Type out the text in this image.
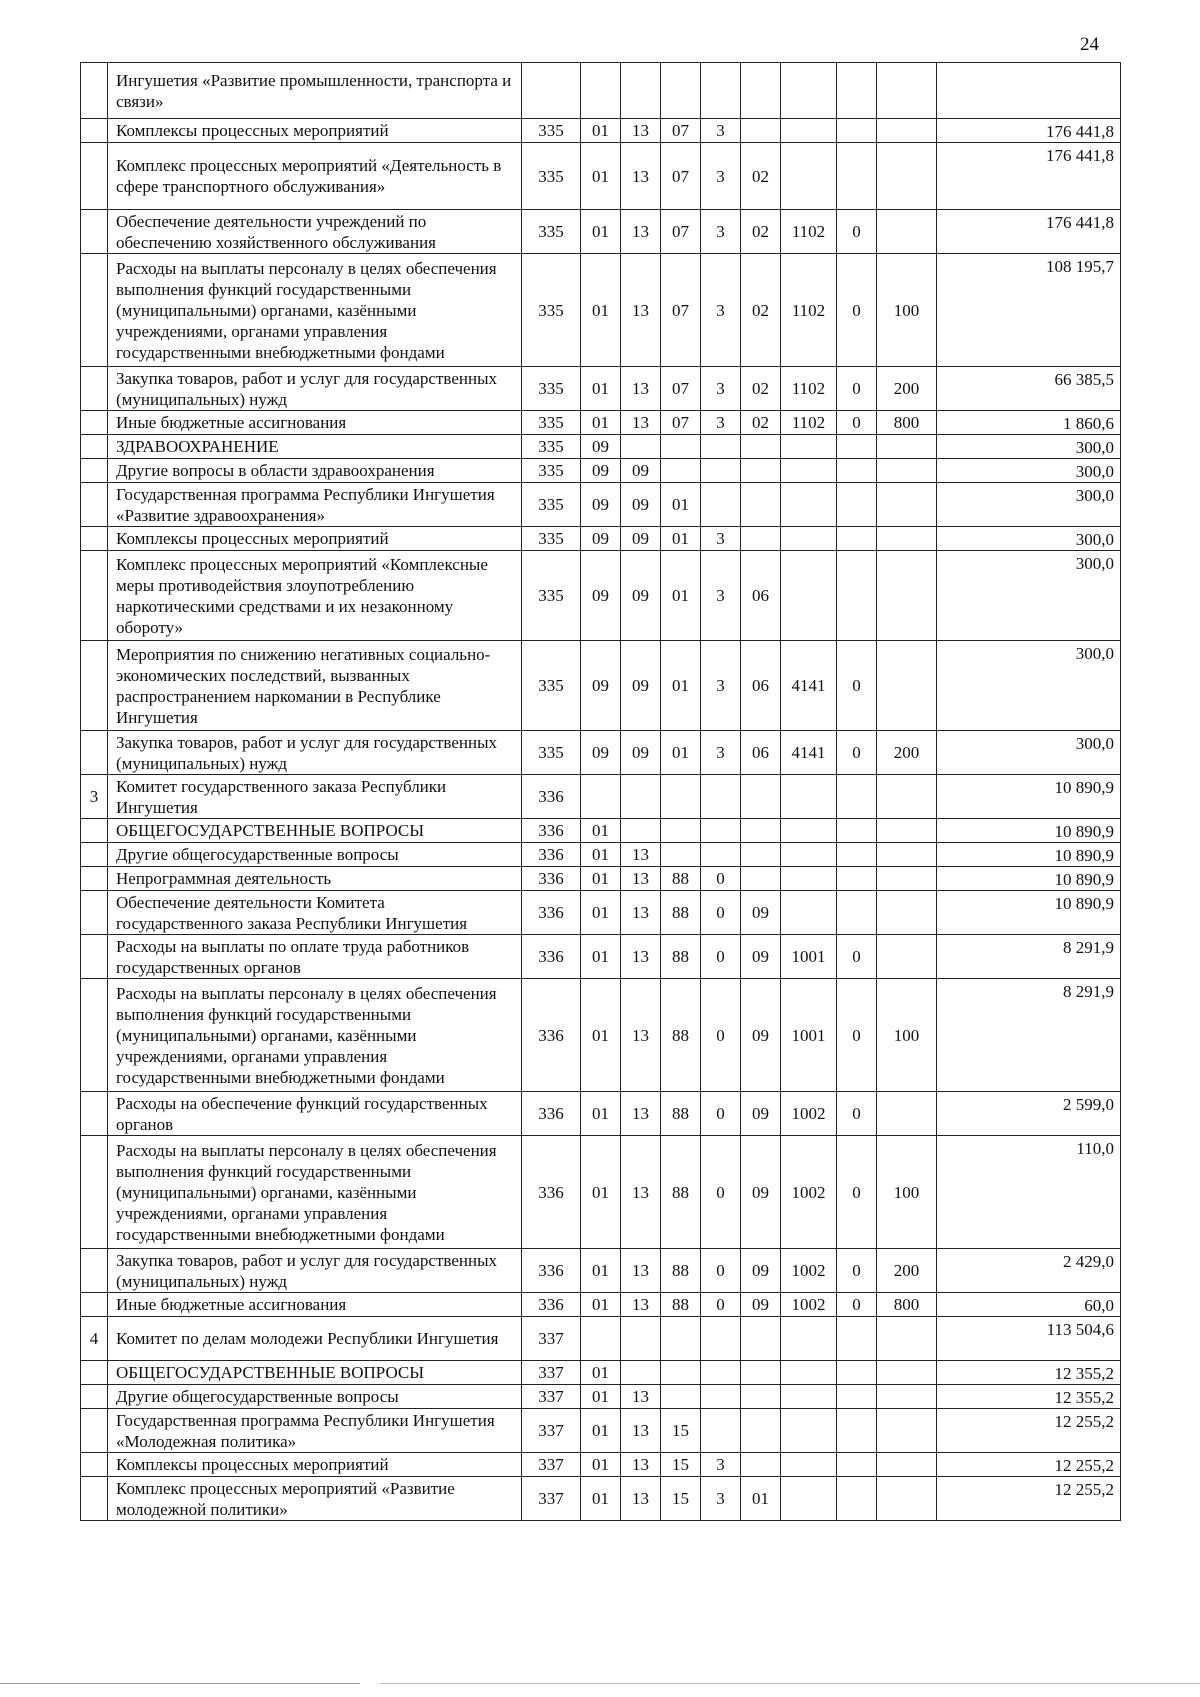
24
	Ингушетия «Развитие промышленности, транспорта и связи»										
	Комплексы процессных мероприятий	335	01	13	07	3					176 441,8
	Комплекс процессных мероприятий «Деятельность в сфере транспортного обслуживания»	335	01	13	07	3	02				176 441,8
	Обеспечение деятельности учреждений по обеспечению хозяйственного обслуживания	335	01	13	07	3	02	1102	0		176 441,8
	Расходы на выплаты персоналу в целях обеспечения выполнения функций государственными (муниципальными) органами, казёнными учреждениями, органами управления государственными внебюджетными фондами	335	01	13	07	3	02	1102	0	100	108 195,7
	Закупка товаров, работ и услуг для государственных (муниципальных) нужд	335	01	13	07	3	02	1102	0	200	66 385,5
	Иные бюджетные ассигнования	335	01	13	07	3	02	1102	0	800	1 860,6
	ЗДРАВООХРАНЕНИЕ	335	09								300,0
	Другие вопросы в области здравоохранения	335	09	09							300,0
	Государственная программа Республики Ингушетия «Развитие здравоохранения»	335	09	09	01						300,0
	Комплексы процессных мероприятий	335	09	09	01	3					300,0
	Комплекс процессных мероприятий «Комплексные меры противодействия злоупотреблению наркотическими средствами и их незаконному обороту»	335	09	09	01	3	06				300,0
	Мероприятия по снижению негативных социально-экономических последствий, вызванных распространением наркомании в Республике Ингушетия	335	09	09	01	3	06	4141	0		300,0
	Закупка товаров, работ и услуг для государственных (муниципальных) нужд	335	09	09	01	3	06	4141	0	200	300,0
3	Комитет государственного заказа Республики Ингушетия	336									10 890,9
	ОБЩЕГОСУДАРСТВЕННЫЕ ВОПРОСЫ	336	01								10 890,9
	Другие общегосударственные вопросы	336	01	13							10 890,9
	Непрограммная деятельность	336	01	13	88	0					10 890,9
	Обеспечение деятельности Комитета государственного заказа Республики Ингушетия	336	01	13	88	0	09				10 890,9
	Расходы на выплаты по оплате труда работников государственных органов	336	01	13	88	0	09	1001	0		8 291,9
	Расходы на выплаты персоналу в целях обеспечения выполнения функций государственными (муниципальными) органами, казёнными учреждениями, органами управления государственными внебюджетными фондами	336	01	13	88	0	09	1001	0	100	8 291,9
	Расходы на обеспечение функций государственных органов	336	01	13	88	0	09	1002	0		2 599,0
	Расходы на выплаты персоналу в целях обеспечения выполнения функций государственными (муниципальными) органами, казёнными учреждениями, органами управления государственными внебюджетными фондами	336	01	13	88	0	09	1002	0	100	110,0
	Закупка товаров, работ и услуг для государственных (муниципальных) нужд	336	01	13	88	0	09	1002	0	200	2 429,0
	Иные бюджетные ассигнования	336	01	13	88	0	09	1002	0	800	60,0
4	Комитет по делам молодежи Республики Ингушетия	337									113 504,6
	ОБЩЕГОСУДАРСТВЕННЫЕ ВОПРОСЫ	337	01								12 355,2
	Другие общегосударственные вопросы	337	01	13							12 355,2
	Государственная программа Республики Ингушетия «Молодежная политика»	337	01	13	15						12 255,2
	Комплексы процессных мероприятий	337	01	13	15	3					12 255,2
	Комплекс процессных мероприятий «Развитие молодежной политики»	337	01	13	15	3	01				12 255,2
